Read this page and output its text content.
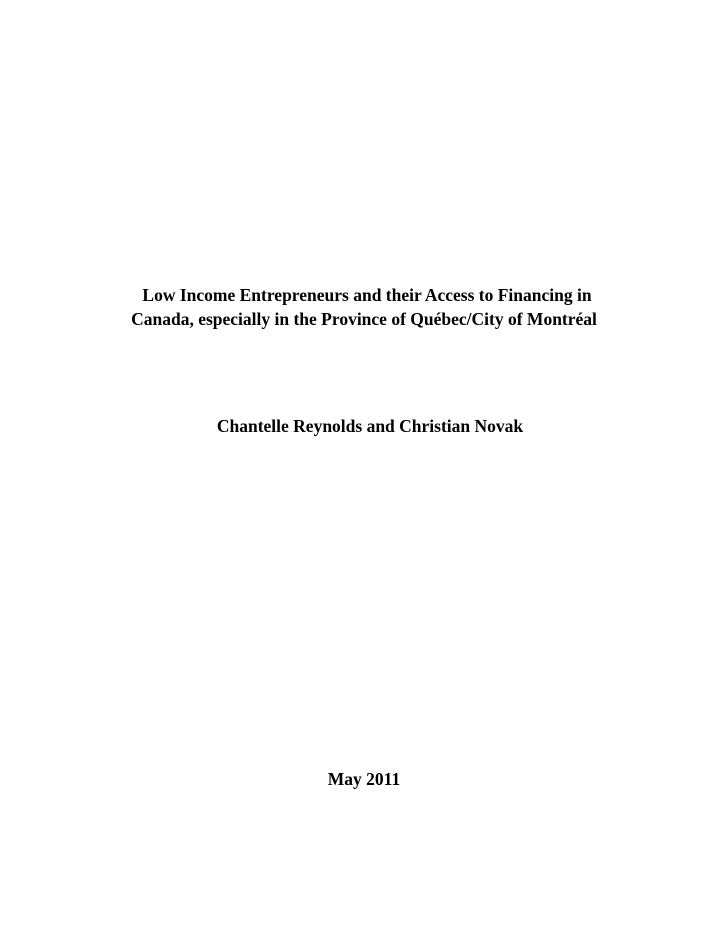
Low Income Entrepreneurs and their Access to Financing in
Canada, especially in the Province of Québec/City of Montréal
Chantelle Reynolds and Christian Novak
May 2011
